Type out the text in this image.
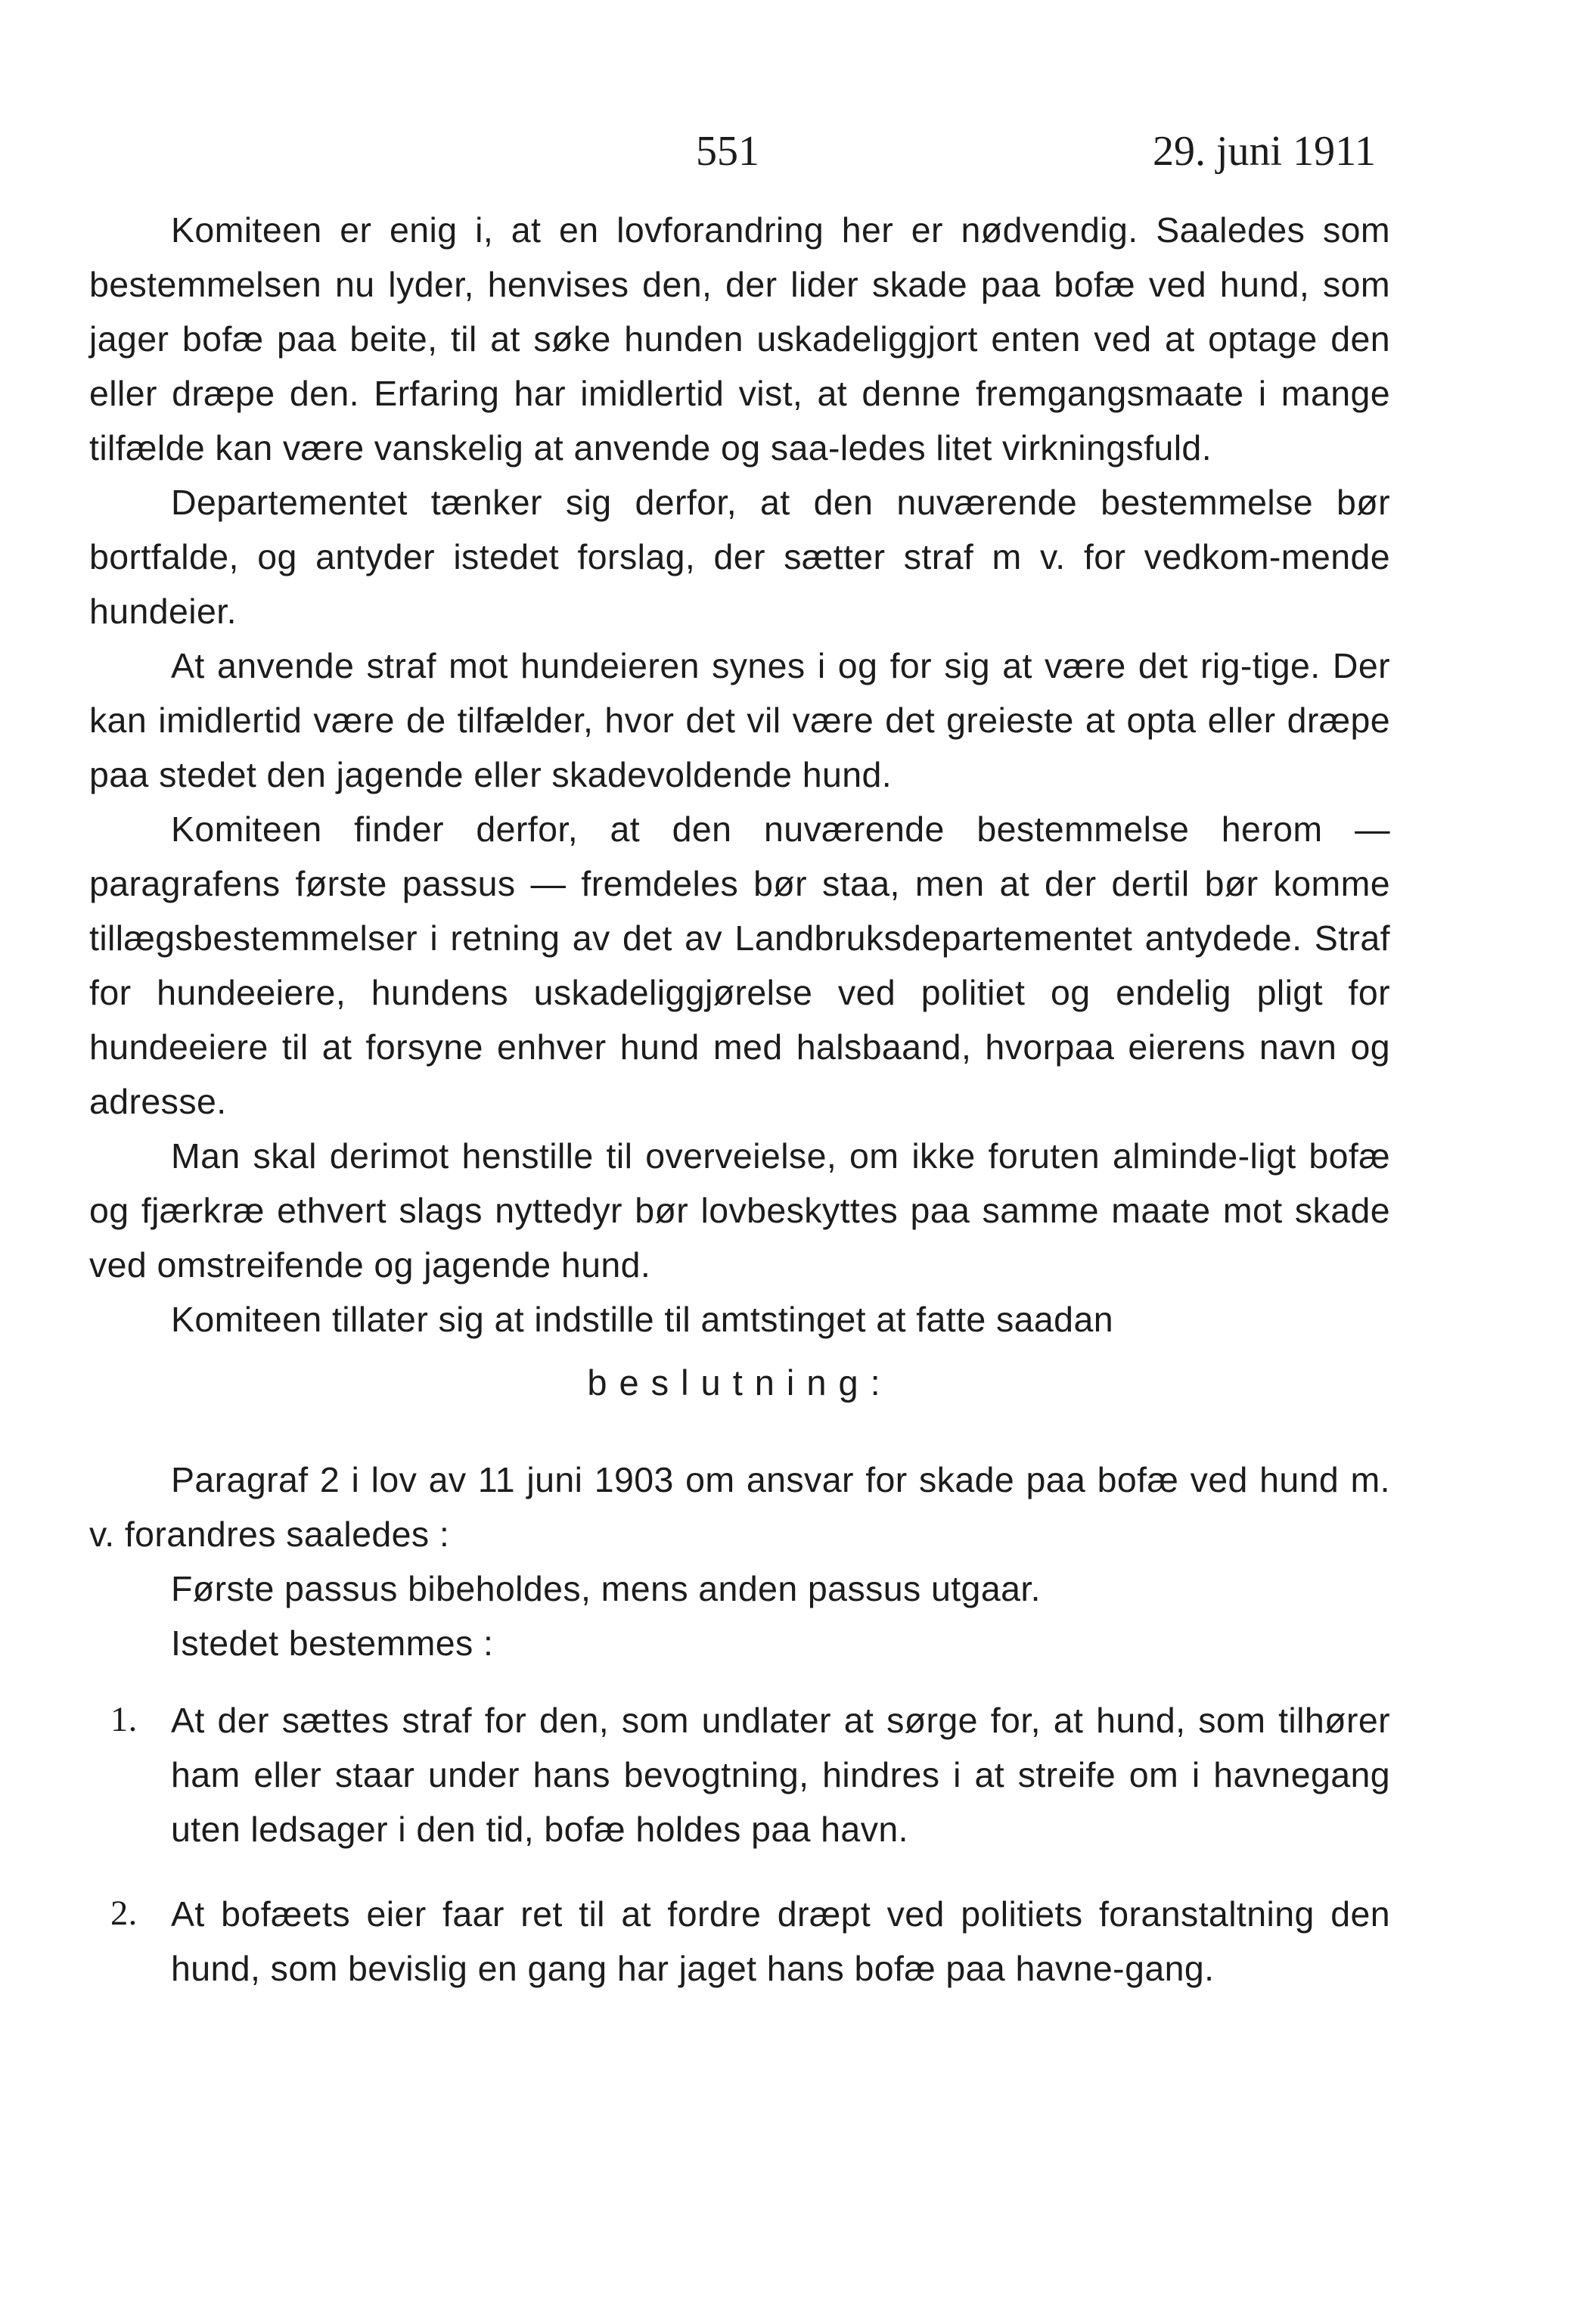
551	29. juni 1911

Komiteen er enig i, at en lovforandring her er nødvendig. Saaledes som bestemmelsen nu lyder, henvises den, der lider skade paa bofæ ved hund, som jager bofæ paa beite, til at søke hunden uskadeliggjort enten ved at optage den eller dræpe den. Erfaring har imidlertid vist, at denne fremgangsmaate i mange tilfælde kan være vanskelig at anvende og saa-ledes litet virkningsfuld.

Departementet tænker sig derfor, at den nuværende bestemmelse bør bortfalde, og antyder istedet forslag, der sætter straf m v. for vedkom-mende hundeier.

At anvende straf mot hundeieren synes i og for sig at være det rig-tige. Der kan imidlertid være de tilfælder, hvor det vil være det greieste at opta eller dræpe paa stedet den jagende eller skadevoldende hund.

Komiteen finder derfor, at den nuværende bestemmelse herom — paragrafens første passus — fremdeles bør staa, men at der dertil bør komme tillægsbestemmelser i retning av det av Landbruksdepartementet antydede. Straf for hundeeiere, hundens uskadeliggjørelse ved politiet og endelig pligt for hundeeiere til at forsyne enhver hund med halsbaand, hvorpaa eierens navn og adresse.

Man skal derimot henstille til overveielse, om ikke foruten alminde-ligt bofæ og fjærkræ ethvert slags nyttedyr bør lovbeskyttes paa samme maate mot skade ved omstreifende og jagende hund.

Komiteen tillater sig at indstille til amtstinget at fatte saadan

beslutning:

Paragraf 2 i lov av 11 juni 1903 om ansvar for skade paa bofæ ved hund m. v. forandres saaledes :

Første passus bibeholdes, mens anden passus utgaar.

Istedet bestemmes :

1. At der sættes straf for den, som undlater at sørge for, at hund, som tilhører ham eller staar under hans bevogtning, hindres i at streife om i havnegang uten ledsager i den tid, bofæ holdes paa havn.
2. At bofæets eier faar ret til at fordre dræpt ved politiets foranstaltning den hund, som bevislig en gang har jaget hans bofæ paa havne-gang.
